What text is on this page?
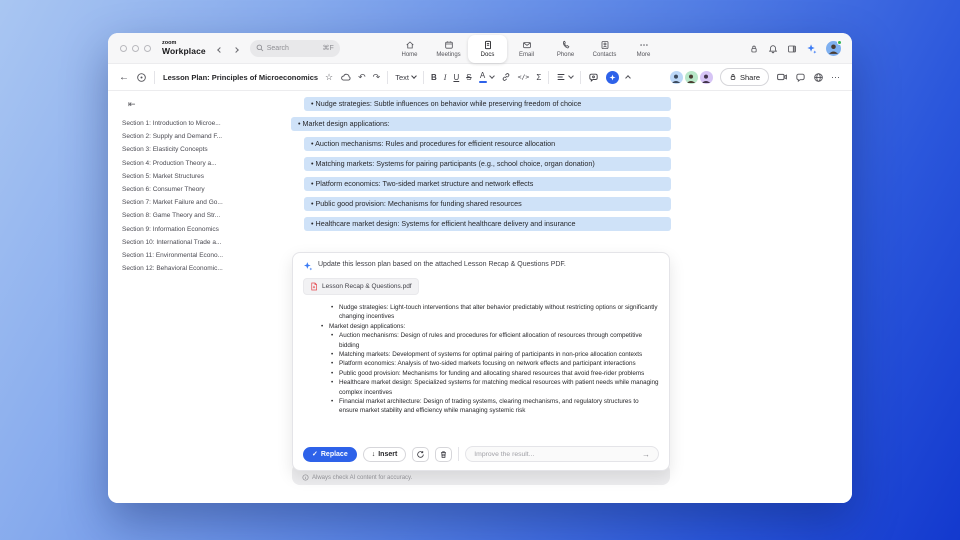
zoom
Workplace	Search	⌘F
Home	Meetings	Docs	Email	Phone	Contacts	More
←	Lesson Plan: Principles of Microeconomics ☆	↶ ↷ Text	B I U S A	</> Σ	Share	⋯
⇤
Section 1: Introduction to Microe...
Section 2: Supply and Demand F...
Section 3: Elasticity Concepts
Section 4: Production Theory a...
Section 5: Market Structures
Section 6: Consumer Theory
Section 7: Market Failure and Go...
Section 8: Game Theory and Str...
Section 9: Information Economics
Section 10: International Trade a...
Section 11: Environmental Econo...
Section 12: Behavioral Economic...
• Nudge strategies: Subtle influences on behavior while preserving freedom of choice
• Market design applications:
• Auction mechanisms: Rules and procedures for efficient resource allocation
• Matching markets: Systems for pairing participants (e.g., school choice, organ donation)
• Platform economics: Two-sided market structure and network effects
• Public good provision: Mechanisms for funding shared resources
• Healthcare market design: Systems for efficient healthcare delivery and insurance
Always check AI content for accuracy.
Update this lesson plan based on the attached Lesson Recap & Questions PDF.
Lesson Recap & Questions.pdf
• Nudge strategies: Light-touch interventions that alter behavior predictably without restricting options or significantly changing incentives
• Market design applications:
• Auction mechanisms: Design of rules and procedures for efficient allocation of resources through competitive bidding
• Matching markets: Development of systems for optimal pairing of participants in non-price allocation contexts
• Platform economics: Analysis of two-sided markets focusing on network effects and participant interactions
• Public good provision: Mechanisms for funding and allocating shared resources that avoid free-rider problems
• Healthcare market design: Specialized systems for matching medical resources with patient needs while managing complex incentives
• Financial market architecture: Design of trading systems, clearing mechanisms, and regulatory structures to ensure market stability and efficiency while managing systemic risk
✓ Replace	↓ Insert
Improve the result...	→
